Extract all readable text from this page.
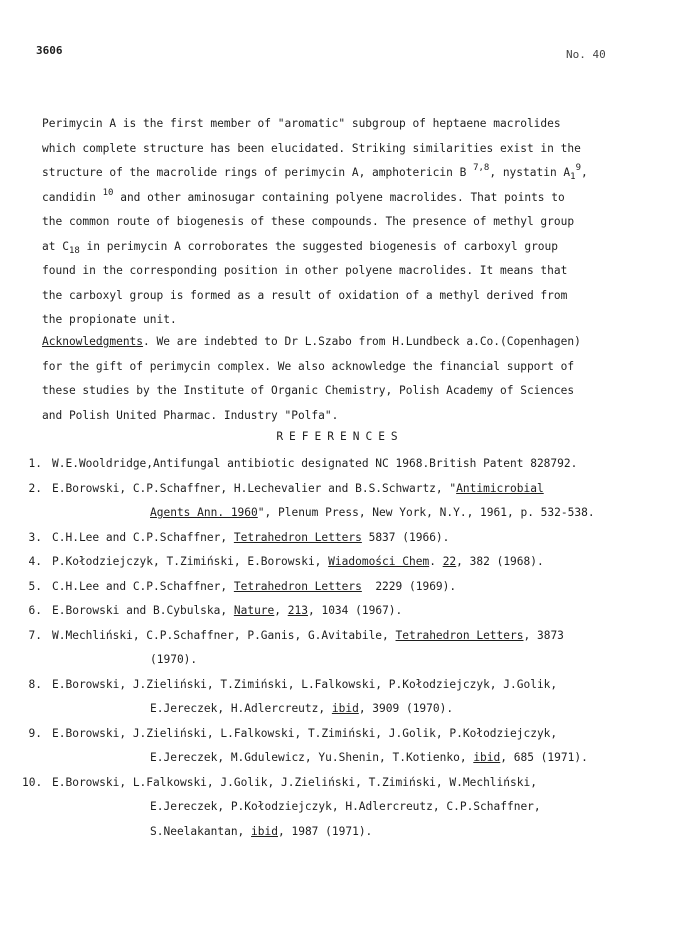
3606	No. 40
Perimycin A is the first member of "aromatic" subgroup of heptaene macrolides
which complete structure has been elucidated. Striking similarities exist in the
structure of the macrolide rings of perimycin A, amphotericin B $^{7,8}$, nystatin $A_1^9$,
candidin $^{10}$ and other aminosugar containing polyene macrolides. That points to
the common route of biogenesis of these compounds. The presence of methyl group
at $C_{18}$ in perimycin A corroborates the suggested biogenesis of carboxyl group
found in the corresponding position in other polyene macrolides. It means that
the carboxyl group is formed as a result of oxidation of a methyl derived from
the propionate unit.
Acknowledgments. We are indebted to Dr L.Szabo from H.Lundbeck a.Co.(Copenhagen)
for the gift of perimycin complex. We also acknowledge the financial support of
these studies by the Institute of Organic Chemistry, Polish Academy of Sciences
and Polish United Pharmac. Industry "Polfa".
REFERENCES
1. W.E.Wooldridge,Antifungal antibiotic designated NC 1968.British Patent 828792.
2. E.Borowski, C.P.Schaffner, H.Lechevalier and B.S.Schwartz, "Antimicrobial
Agents Ann. 1960", Plenum Press, New York, N.Y., 1961, p. 532-538.
3. C.H.Lee and C.P.Schaffner, Tetrahedron Letters 5837 (1966).
4. P.Kołodziejczyk, T.Zimiński, E.Borowski, Wiadomości Chem. 22, 382 (1968).
5. C.H.Lee and C.P.Schaffner, Tetrahedron Letters  2229 (1969).
6. E.Borowski and B.Cybulska, Nature, 213, 1034 (1967).
7. W.Mechliński, C.P.Schaffner, P.Ganis, G.Avitabile, Tetrahedron Letters, 3873
(1970).
8. E.Borowski, J.Zieliński, T.Zimiński, L.Falkowski, P.Kołodziejczyk, J.Golik,
E.Jereczek, H.Adlercreutz, ibid, 3909 (1970).
9. E.Borowski, J.Zieliński, L.Falkowski, T.Zimiński, J.Golik, P.Kołodziejczyk,
E.Jereczek, M.Gdulewicz, Yu.Shenin, T.Kotienko, ibid, 685 (1971).
10. E.Borowski, L.Falkowski, J.Golik, J.Zieliński, T.Zimiński, W.Mechliński,
E.Jereczek, P.Kołodziejczyk, H.Adlercreutz, C.P.Schaffner,
S.Neelakantan, ibid, 1987 (1971).
